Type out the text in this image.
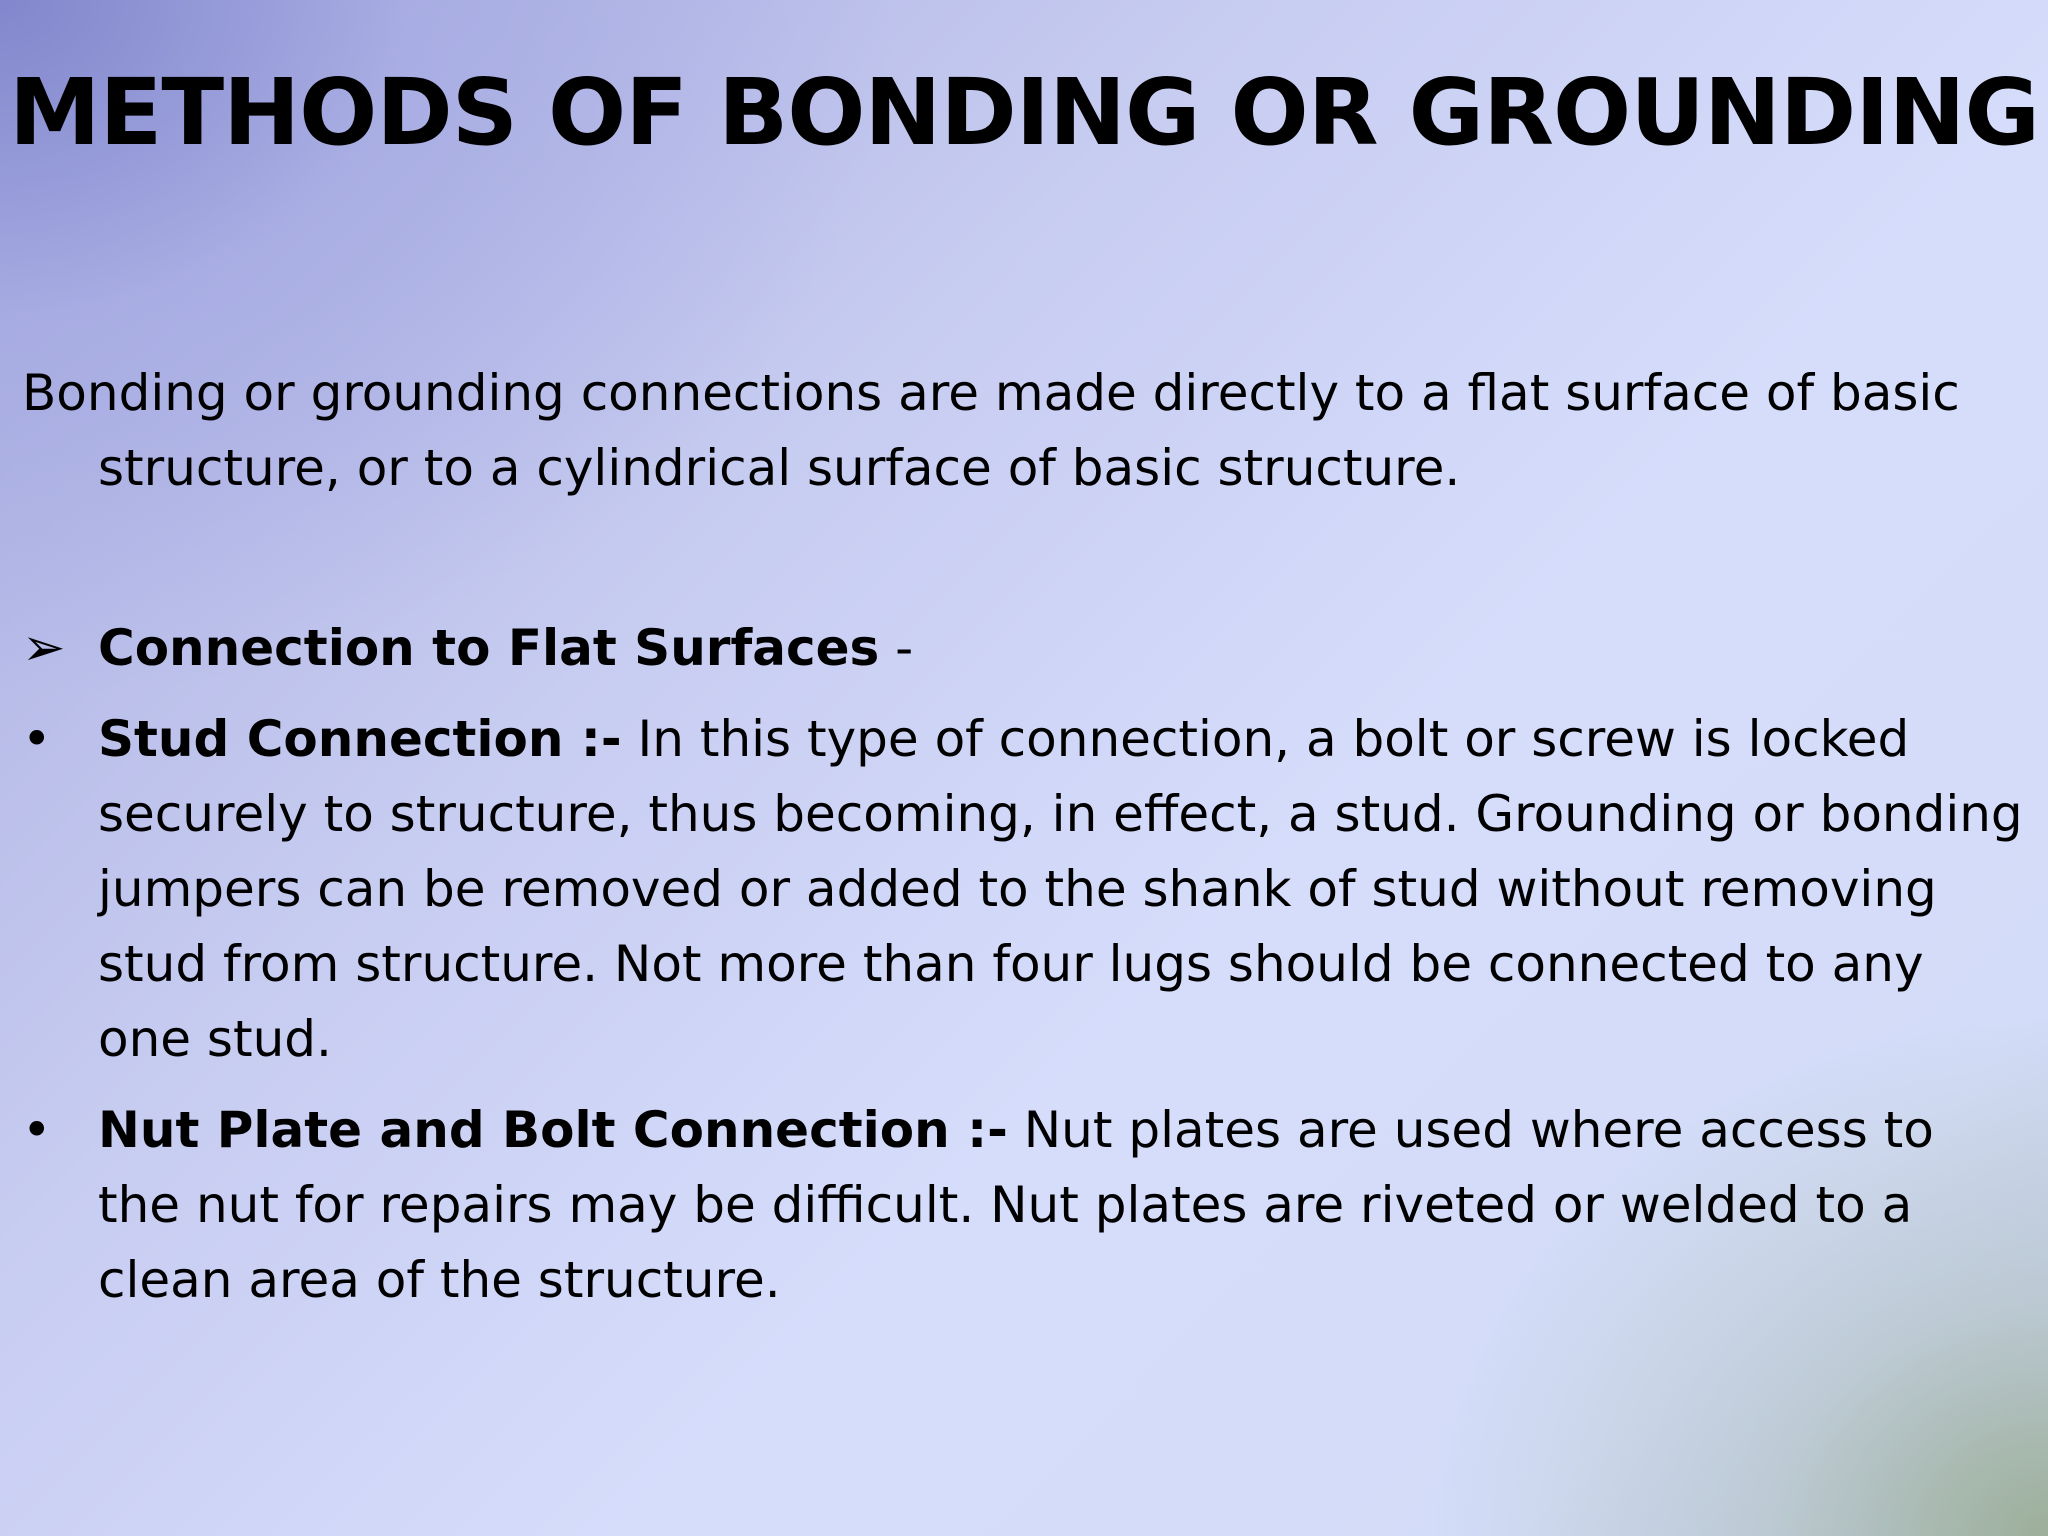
METHODS OF BONDING OR GROUNDING

Bonding or grounding connections are made directly to a flat surface of basic structure, or to a cylindrical surface of basic structure.

➢ Connection to Flat Surfaces -
• Stud Connection :- In this type of connection, a bolt or screw is locked securely to structure, thus becoming, in effect, a stud. Grounding or bonding jumpers can be removed or added to the shank of stud without removing stud from structure. Not more than four lugs should be connected to any one stud.
• Nut Plate and Bolt Connection :- Nut plates are used where access to the nut for repairs may be difficult. Nut plates are riveted or welded to a clean area of the structure.
